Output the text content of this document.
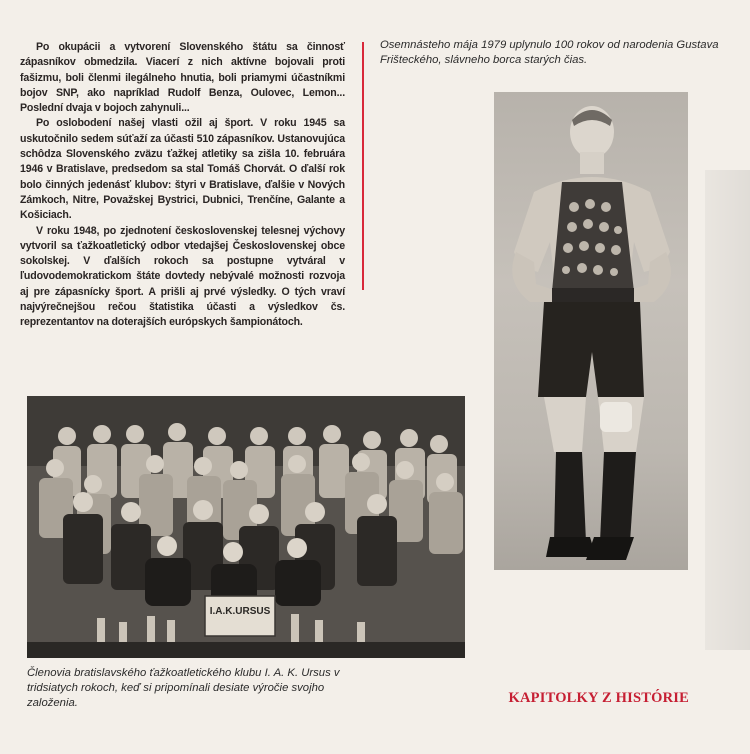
Po okupácii a vytvorení Slovenského štátu sa činnosť zápasníkov obmedzila. Viacerí z nich aktívne bojovali proti fašizmu, boli členmi ilegálneho hnutia, boli priamymi účastníkmi bojov SNP, ako napríklad Rudolf Benza, Oulovec, Lemon... Poslední dvaja v bojoch zahynuli...

Po oslobodení našej vlasti ožil aj šport. V roku 1945 sa uskutočnilo sedem súťaží za účasti 510 zápasníkov. Ustanovujúca schôdza Slovenského zväzu ťažkej atletiky sa zišla 10. februára 1946 v Bratislave, predsedom sa stal Tomáš Chorvát. O ďalší rok bolo činných jedenásť klubov: štyri v Bratislave, ďalšie v Nových Zámkoch, Nitre, Považskej Bystrici, Dubnici, Trenčíne, Galante a Košiciach.

V roku 1948, po zjednotení československej telesnej výchovy vytvoril sa ťažkoatletický odbor vtedajšej Československej obce sokolskej. V ďalších rokoch sa postupne vytváral v ľudovodemokratickom štáte dovtedy nebývalé možnosti rozvoja aj pre zápasnícky šport. A prišli aj prvé výsledky. O tých vraví najvýrečnejšou rečou štatistika účasti a výsledkov čs. reprezentantov na doterajších európskych šampionátoch.

Osemnásteho mája 1979 uplynulo 100 rokov od narodenia Gustava Frišteckého, slávneho borca starých čias.
I.A.K.URSUS
Členovia bratislavského ťažkoatletického klubu I. A. K. Ursus v tridsiatych rokoch, keď si pripomínali desiate výročie svojho založenia.	KAPITOLKY Z HISTÓRIE
